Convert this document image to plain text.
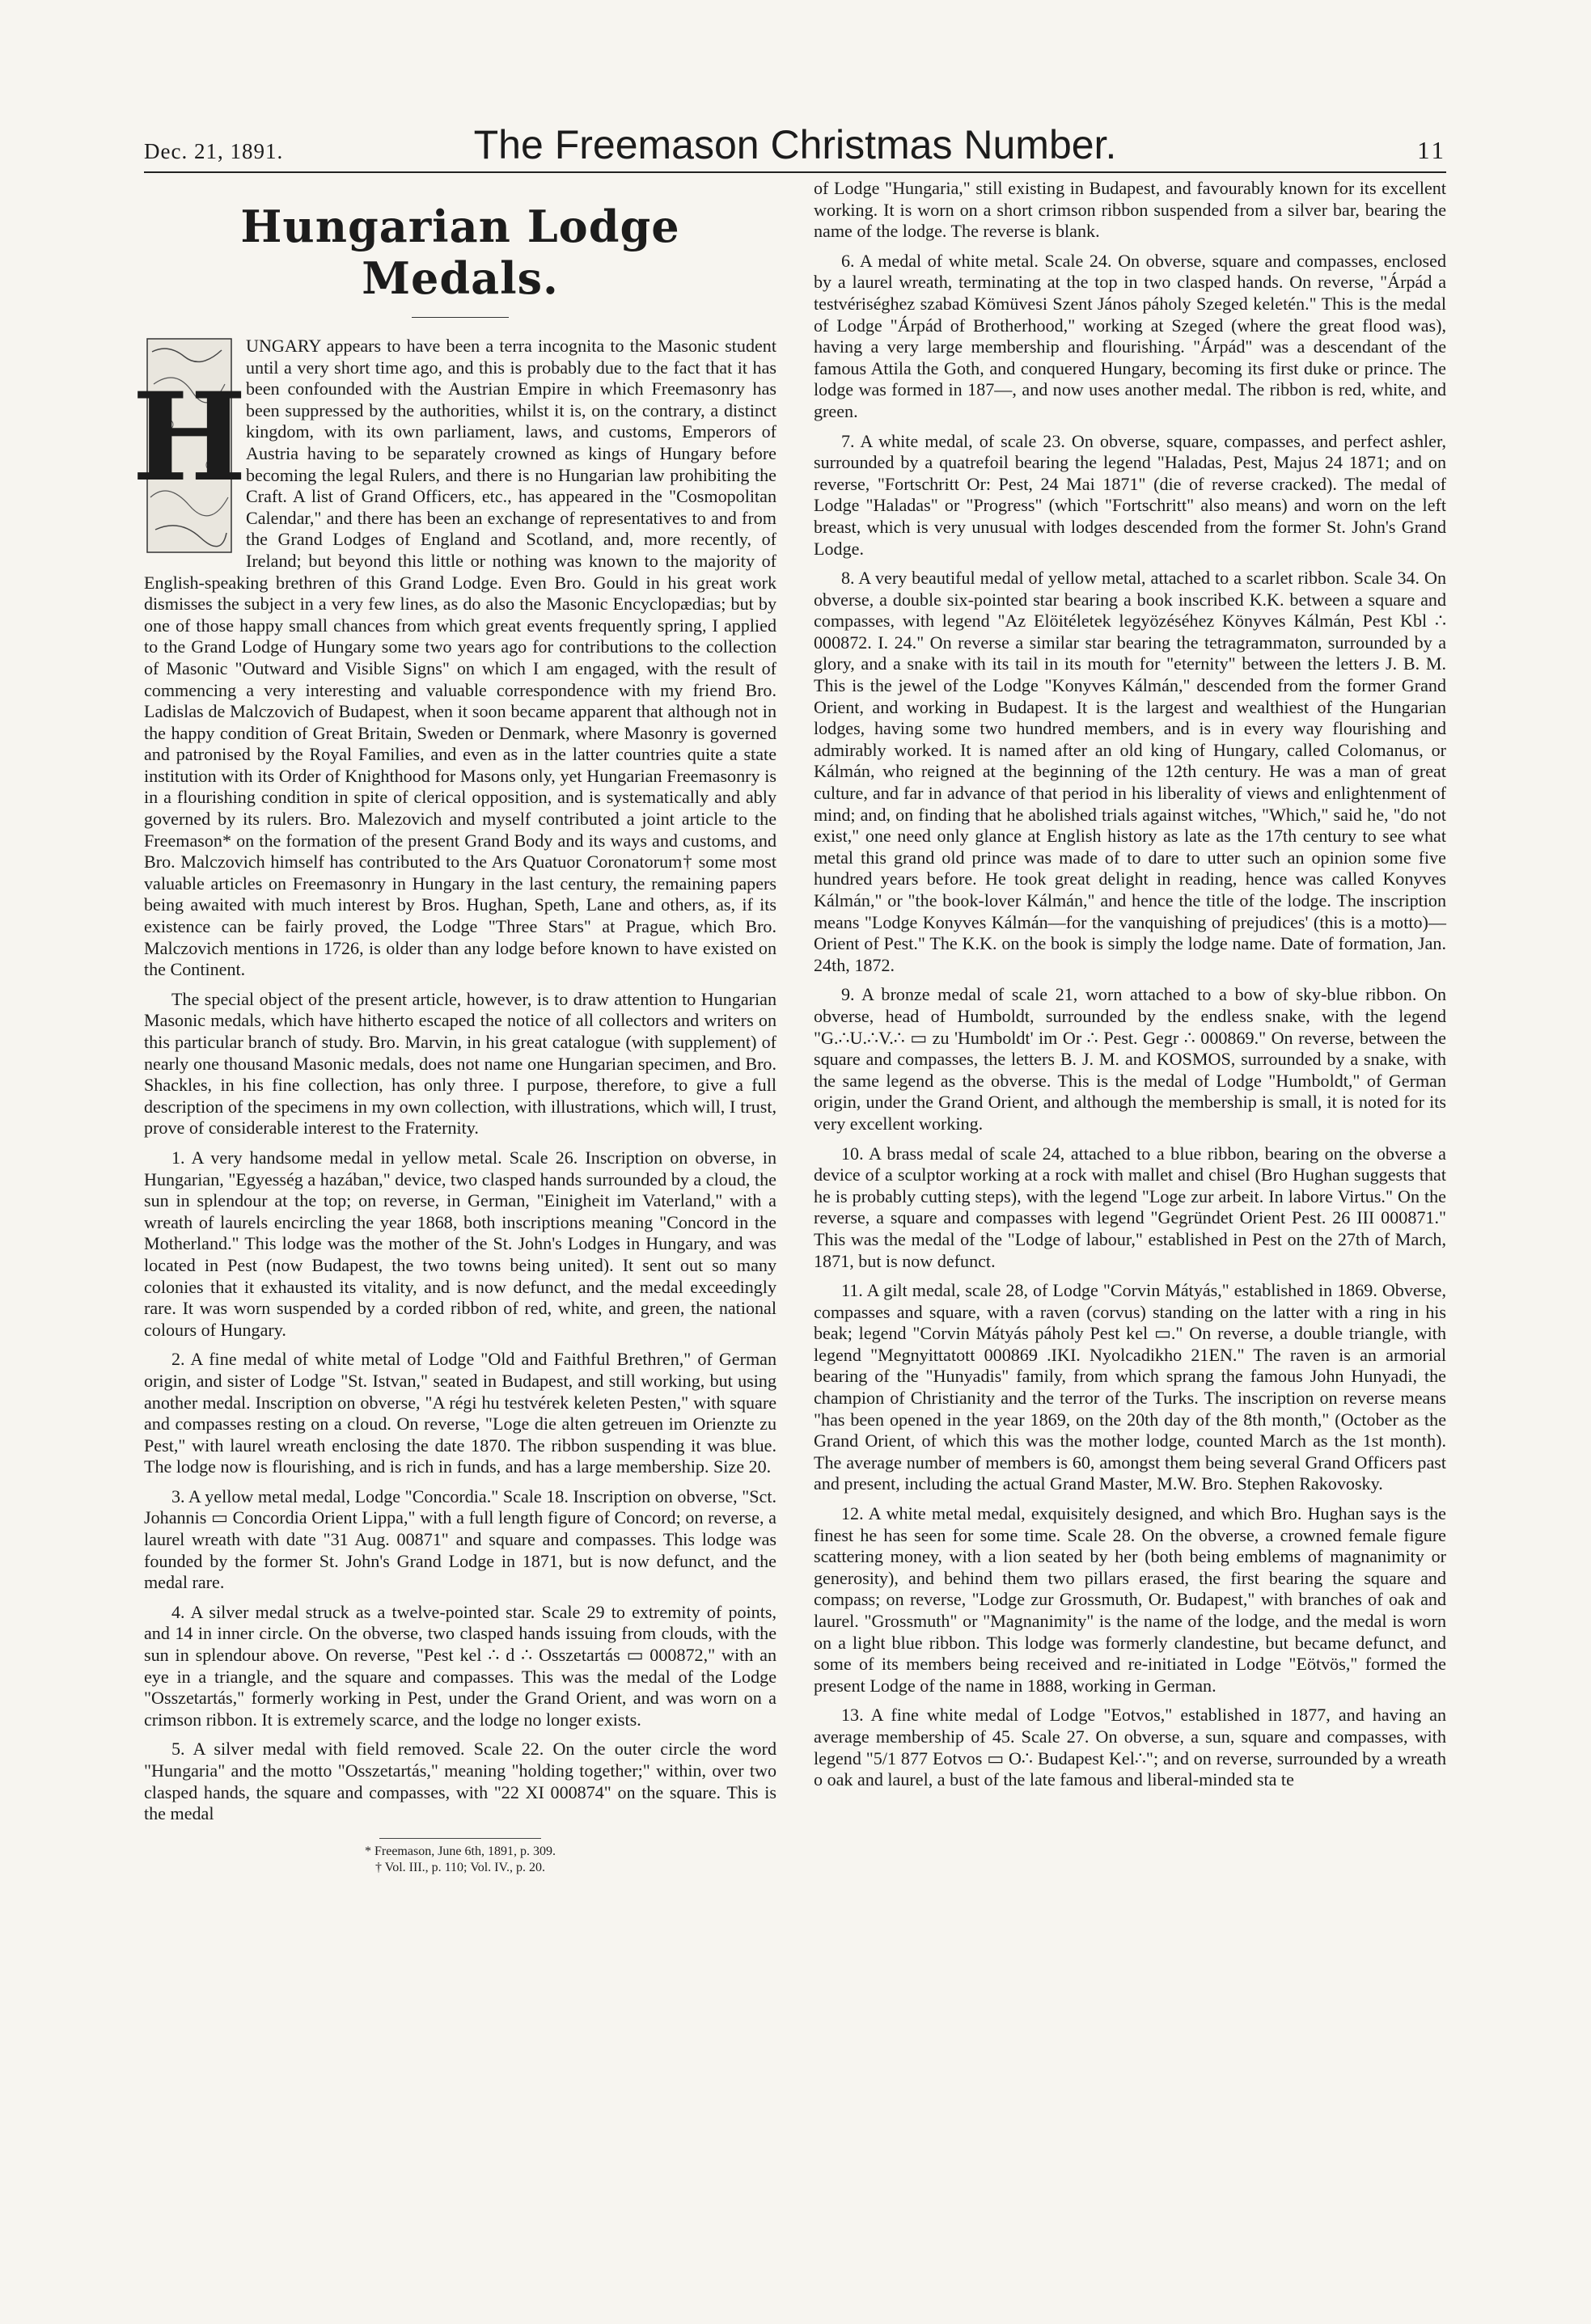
Dec. 21, 1891.	The Freemason Christmas Number.	11
Hungarian Lodge Medals.
H

UNGARY appears to have been a terra incognita to the Masonic student until a very short time ago, and this is probably due to the fact that it has been confounded with the Austrian Empire in which Freemasonry has been suppressed by the authorities, whilst it is, on the contrary, a distinct kingdom, with its own parliament, laws, and customs, Emperors of Austria having to be separately crowned as kings of Hungary before becoming the legal Rulers, and there is no Hungarian law prohibiting the Craft. A list of Grand Officers, etc., has appeared in the "Cosmopolitan Calendar," and there has been an exchange of representatives to and from the Grand Lodges of England and Scotland, and, more recently, of Ireland; but beyond this little or nothing was known to the majority of English-speaking brethren of this Grand Lodge. Even Bro. Gould in his great work dismisses the subject in a very few lines, as do also the Masonic Encyclopædias; but by one of those happy small chances from which great events frequently spring, I applied to the Grand Lodge of Hungary some two years ago for contributions to the collection of Masonic "Outward and Visible Signs" on which I am engaged, with the result of commencing a very interesting and valuable correspondence with my friend Bro. Ladislas de Malczovich of Budapest, when it soon became apparent that although not in the happy condition of Great Britain, Sweden or Denmark, where Masonry is governed and patronised by the Royal Families, and even as in the latter countries quite a state institution with its Order of Knighthood for Masons only, yet Hungarian Freemasonry is in a flourishing condition in spite of clerical opposition, and is systematically and ably governed by its rulers. Bro. Malezovich and myself contributed a joint article to the Freemason* on the formation of the present Grand Body and its ways and customs, and Bro. Malczovich himself has contributed to the Ars Quatuor Coronatorum† some most valuable articles on Freemasonry in Hungary in the last century, the remaining papers being awaited with much interest by Bros. Hughan, Speth, Lane and others, as, if its existence can be fairly proved, the Lodge "Three Stars" at Prague, which Bro. Malczovich mentions in 1726, is older than any lodge before known to have existed on the Continent.

The special object of the present article, however, is to draw attention to Hungarian Masonic medals, which have hitherto escaped the notice of all collectors and writers on this particular branch of study. Bro. Marvin, in his great catalogue (with supplement) of nearly one thousand Masonic medals, does not name one Hungarian specimen, and Bro. Shackles, in his fine collection, has only three. I purpose, therefore, to give a full description of the specimens in my own collection, with illustrations, which will, I trust, prove of considerable interest to the Fraternity.

1. A very handsome medal in yellow metal. Scale 26. Inscription on obverse, in Hungarian, "Egyesség a hazában," device, two clasped hands surrounded by a cloud, the sun in splendour at the top; on reverse, in German, "Einigheit im Vaterland," with a wreath of laurels encircling the year 1868, both inscriptions meaning "Concord in the Motherland." This lodge was the mother of the St. John's Lodges in Hungary, and was located in Pest (now Budapest, the two towns being united). It sent out so many colonies that it exhausted its vitality, and is now defunct, and the medal exceedingly rare. It was worn suspended by a corded ribbon of red, white, and green, the national colours of Hungary.

2. A fine medal of white metal of Lodge "Old and Faithful Brethren," of German origin, and sister of Lodge "St. Istvan," seated in Budapest, and still working, but using another medal. Inscription on obverse, "A régi hu testvérek keleten Pesten," with square and compasses resting on a cloud. On reverse, "Loge die alten getreuen im Orienzte zu Pest," with laurel wreath enclosing the date 1870. The ribbon suspending it was blue. The lodge now is flourishing, and is rich in funds, and has a large membership. Size 20.

3. A yellow metal medal, Lodge "Concordia." Scale 18. Inscription on obverse, "Sct. Johannis ▭ Concordia Orient Lippa," with a full length figure of Concord; on reverse, a laurel wreath with date "31 Aug. 00871" and square and compasses. This lodge was founded by the former St. John's Grand Lodge in 1871, but is now defunct, and the medal rare.

4. A silver medal struck as a twelve-pointed star. Scale 29 to extremity of points, and 14 in inner circle. On the obverse, two clasped hands issuing from clouds, with the sun in splendour above. On reverse, "Pest kel ∴ d ∴ Osszetartás ▭ 000872," with an eye in a triangle, and the square and compasses. This was the medal of the Lodge "Osszetartás," formerly working in Pest, under the Grand Orient, and was worn on a crimson ribbon. It is extremely scarce, and the lodge no longer exists.

5. A silver medal with field removed. Scale 22. On the outer circle the word "Hungaria" and the motto "Osszetartás," meaning "holding together;" within, over two clasped hands, the square and compasses, with "22 XI 000874" on the square. This is the medal

* Freemason, June 6th, 1891, p. 309.
† Vol. III., p. 110; Vol. IV., p. 20.

of Lodge "Hungaria," still existing in Budapest, and favourably known for its excellent working. It is worn on a short crimson ribbon suspended from a silver bar, bearing the name of the lodge. The reverse is blank.

6. A medal of white metal. Scale 24. On obverse, square and compasses, enclosed by a laurel wreath, terminating at the top in two clasped hands. On reverse, "Árpád a testvériséghez szabad Kömüvesi Szent János páholy Szeged keletén." This is the medal of Lodge "Árpád of Brotherhood," working at Szeged (where the great flood was), having a very large membership and flourishing. "Árpád" was a descendant of the famous Attila the Goth, and conquered Hungary, becoming its first duke or prince. The lodge was formed in 187—, and now uses another medal. The ribbon is red, white, and green.

7. A white medal, of scale 23. On obverse, square, compasses, and perfect ashler, surrounded by a quatrefoil bearing the legend "Haladas, Pest, Majus 24 1871; and on reverse, "Fortschritt Or: Pest, 24 Mai 1871" (die of reverse cracked). The medal of Lodge "Haladas" or "Progress" (which "Fortschritt" also means) and worn on the left breast, which is very unusual with lodges descended from the former St. John's Grand Lodge.

8. A very beautiful medal of yellow metal, attached to a scarlet ribbon. Scale 34. On obverse, a double six-pointed star bearing a book inscribed K.K. between a square and compasses, with legend "Az Elöitéletek legyözéséhez Könyves Kálmán, Pest Kbl ∴ 000872. I. 24." On reverse a similar star bearing the tetragrammaton, surrounded by a glory, and a snake with its tail in its mouth for "eternity" between the letters J. B. M. This is the jewel of the Lodge "Konyves Kálmán," descended from the former Grand Orient, and working in Budapest. It is the largest and wealthiest of the Hungarian lodges, having some two hundred members, and is in every way flourishing and admirably worked. It is named after an old king of Hungary, called Colomanus, or Kálmán, who reigned at the beginning of the 12th century. He was a man of great culture, and far in advance of that period in his liberality of views and enlightenment of mind; and, on finding that he abolished trials against witches, "Which," said he, "do not exist," one need only glance at English history as late as the 17th century to see what metal this grand old prince was made of to dare to utter such an opinion some five hundred years before. He took great delight in reading, hence was called Konyves Kálmán," or "the book-lover Kálmán," and hence the title of the lodge. The inscription means "Lodge Konyves Kálmán—for the vanquishing of prejudices' (this is a motto)—Orient of Pest." The K.K. on the book is simply the lodge name. Date of formation, Jan. 24th, 1872.

9. A bronze medal of scale 21, worn attached to a bow of sky-blue ribbon. On obverse, head of Humboldt, surrounded by the endless snake, with the legend "G.∴U.∴V.∴ ▭ zu 'Humboldt' im Or ∴ Pest. Gegr ∴ 000869." On reverse, between the square and compasses, the letters B. J. M. and KOSMOS, surrounded by a snake, with the same legend as the obverse. This is the medal of Lodge "Humboldt," of German origin, under the Grand Orient, and although the membership is small, it is noted for its very excellent working.

10. A brass medal of scale 24, attached to a blue ribbon, bearing on the obverse a device of a sculptor working at a rock with mallet and chisel (Bro Hughan suggests that he is probably cutting steps), with the legend "Loge zur arbeit. In labore Virtus." On the reverse, a square and compasses with legend "Gegründet Orient Pest. 26 III 000871." This was the medal of the "Lodge of labour," established in Pest on the 27th of March, 1871, but is now defunct.

11. A gilt medal, scale 28, of Lodge "Corvin Mátyás," established in 1869. Obverse, compasses and square, with a raven (corvus) standing on the latter with a ring in his beak; legend "Corvin Mátyás páholy Pest kel ▭." On reverse, a double triangle, with legend "Megnyittatott 000869 .IKI. Nyolcadikho 21EN." The raven is an armorial bearing of the "Hunyadis" family, from which sprang the famous John Hunyadi, the champion of Christianity and the terror of the Turks. The inscription on reverse means "has been opened in the year 1869, on the 20th day of the 8th month," (October as the Grand Orient, of which this was the mother lodge, counted March as the 1st month). The average number of members is 60, amongst them being several Grand Officers past and present, including the actual Grand Master, M.W. Bro. Stephen Rakovosky.

12. A white metal medal, exquisitely designed, and which Bro. Hughan says is the finest he has seen for some time. Scale 28. On the obverse, a crowned female figure scattering money, with a lion seated by her (both being emblems of magnanimity or generosity), and behind them two pillars erased, the first bearing the square and compass; on reverse, "Lodge zur Grossmuth, Or. Budapest," with branches of oak and laurel. "Grossmuth" or "Magnanimity" is the name of the lodge, and the medal is worn on a light blue ribbon. This lodge was formerly clandestine, but became defunct, and some of its members being received and re-initiated in Lodge "Eötvös," formed the present Lodge of the name in 1888, working in German.

13. A fine white medal of Lodge "Eotvos," established in 1877, and having an average membership of 45. Scale 27. On obverse, a sun, square and compasses, with legend "5/1 877 Eotvos ▭ O∴ Budapest Kel∴"; and on reverse, surrounded by a wreath o oak and laurel, a bust of the late famous and liberal-minded sta te
